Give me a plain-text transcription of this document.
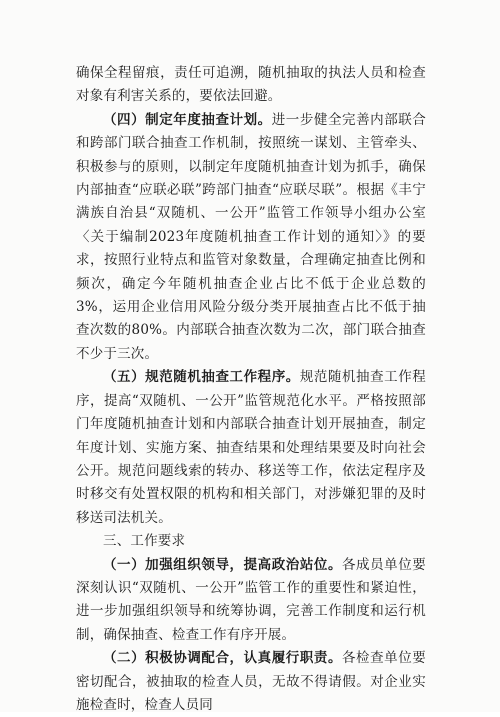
确保全程留痕，责任可追溯，随机抽取的执法人员和检查对象有利害关系的，要依法回避。

（四）制定年度抽查计划。进一步健全完善内部联合和跨部门联合抽查工作机制，按照统一谋划、主管牵头、积极参与的原则，以制定年度随机抽查计划为抓手，确保内部抽查“应联必联”跨部门抽查“应联尽联”。根据《丰宁满族自治县“双随机、一公开”监管工作领导小组办公室〈关于编制2023年度随机抽查工作计划的通知〉》的要求，按照行业特点和监管对象数量，合理确定抽查比例和频次，确定今年随机抽查企业占比不低于企业总数的3%，运用企业信用风险分级分类开展抽查占比不低于抽查次数的80%。内部联合抽查次数为二次，部门联合抽查不少于三次。

（五）规范随机抽查工作程序。规范随机抽查工作程序，提高“双随机、一公开”监管规范化水平。严格按照部门年度随机抽查计划和内部联合抽查计划开展抽查，制定年度计划、实施方案、抽查结果和处理结果要及时向社会公开。规范问题线索的转办、移送等工作，依法定程序及时移交有处置权限的机构和相关部门，对涉嫌犯罪的及时移送司法机关。

三、工作要求

（一）加强组织领导，提高政治站位。各成员单位要深刻认识“双随机、一公开”监管工作的重要性和紧迫性，进一步加强组织领导和统筹协调，完善工作制度和运行机制，确保抽查、检查工作有序开展。

（二）积极协调配合，认真履行职责。各检查单位要密切配合，被抽取的检查人员，无故不得请假。对企业实施检查时，检查人员同
